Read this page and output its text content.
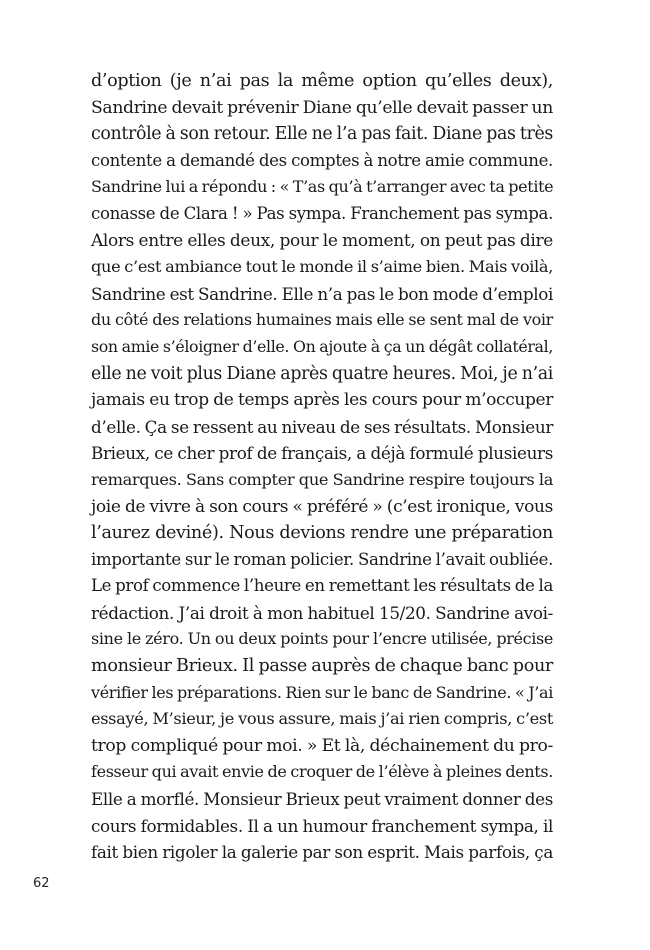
d’option (je n’ai pas la même option qu’elles deux),
Sandrine devait prévenir Diane qu’elle devait passer un
contrôle à son retour. Elle ne l’a pas fait. Diane pas très
contente a demandé des comptes à notre amie commune.
Sandrine lui a répondu : « T’as qu’à t’arranger avec ta petite
conasse de Clara ! » Pas sympa. Franchement pas sympa.
Alors entre elles deux, pour le moment, on peut pas dire
que c’est ambiance tout le monde il s’aime bien. Mais voilà,
Sandrine est Sandrine. Elle n’a pas le bon mode d’emploi
du côté des relations humaines mais elle se sent mal de voir
son amie s’éloigner d’elle. On ajoute à ça un dégât collatéral,
elle ne voit plus Diane après quatre heures. Moi, je n’ai
jamais eu trop de temps après les cours pour m’occuper
d’elle. Ça se ressent au niveau de ses résultats. Monsieur
Brieux, ce cher prof de français, a déjà formulé plusieurs
remarques. Sans compter que Sandrine respire toujours la
joie de vivre à son cours « préféré » (c’est ironique, vous
l’aurez deviné). Nous devions rendre une préparation
importante sur le roman policier. Sandrine l’avait oubliée.
Le prof commence l’heure en remettant les résultats de la
rédaction. J’ai droit à mon habituel 15/20. Sandrine avoi-
sine le zéro. Un ou deux points pour l’encre utilisée, précise
monsieur Brieux. Il passe auprès de chaque banc pour
vérifier les préparations. Rien sur le banc de Sandrine. « J’ai
essayé, M’sieur, je vous assure, mais j’ai rien compris, c’est
trop compliqué pour moi. » Et là, déchainement du pro-
fesseur qui avait envie de croquer de l’élève à pleines dents.
Elle a morflé. Monsieur Brieux peut vraiment donner des
cours formidables. Il a un humour franchement sympa, il
fait bien rigoler la galerie par son esprit. Mais parfois, ça
62
